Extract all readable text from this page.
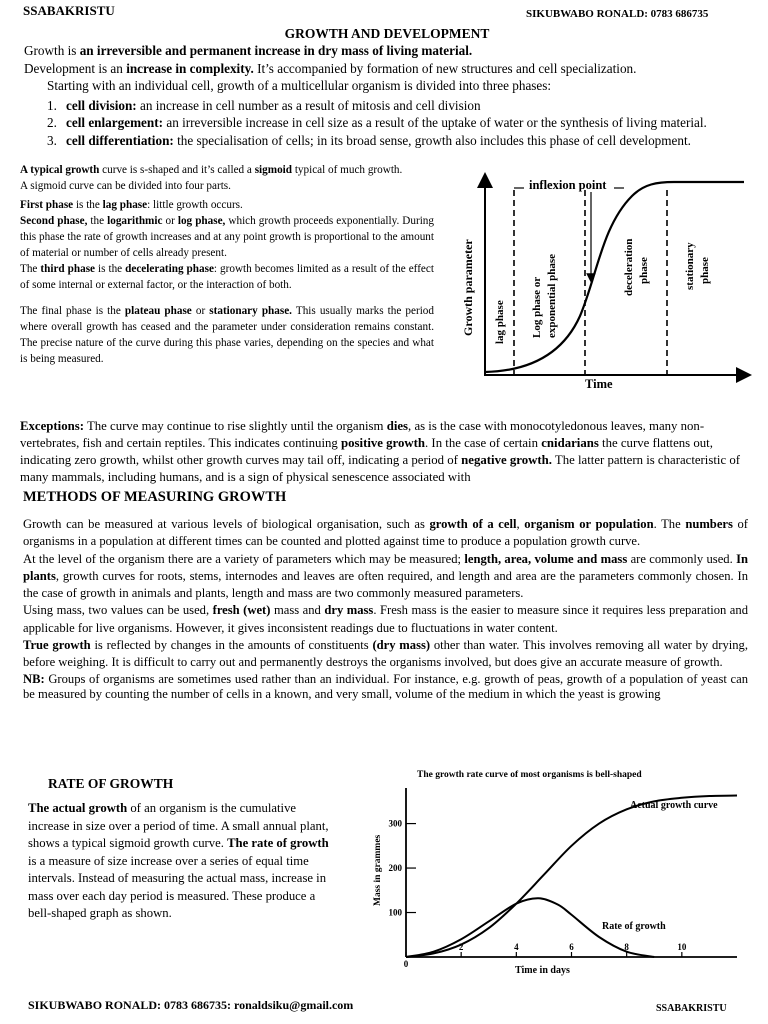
SSABAKRISTU	SIKUBWABO RONALD: 0783 686735
GROWTH AND DEVELOPMENT

Growth is an irreversible and permanent increase in dry mass of living material.

Development is an increase in complexity. It’s accompanied by formation of new structures and cell specialization.

Starting with an individual cell, growth of a multicellular organism is divided into three phases:

1. cell division: an increase in cell number as a result of mitosis and cell division
2. cell enlargement: an irreversible increase in cell size as a result of the uptake of water or the synthesis of living material.
3. cell differentiation: the specialisation of cells; in its broad sense, growth also includes this phase of cell development.

A typical growth curve is s-shaped and it’s called a sigmoid typical of much growth.

A sigmoid curve can be divided into four parts.

First phase is the lag phase: little growth occurs.

Second phase, the logarithmic or log phase, which growth proceeds exponentially. During this phase the rate of growth increases and at any point growth is proportional to the amount of material or number of cells already present.

The third phase is the decelerating phase: growth becomes limited as a result of the effect of some internal or external factor, or the interaction of both.

The final phase is the plateau phase or stationary phase. This usually marks the period where overall growth has ceased and the parameter under consideration remains constant. The precise nature of the curve during this phase varies, depending on the species and what is being measured.

inflexion point
Growth parameter
Time
lag phase Log phase or exponential phase	deceleration phase	stationary phase

Exceptions: The curve may continue to rise slightly until the organism dies, as is the case with monocotyledonous leaves, many non-vertebrates, fish and certain reptiles. This indicates continuing positive growth. In the case of certain cnidarians the curve flattens out, indicating zero growth, whilst other growth curves may tail off, indicating a period of negative growth. The latter pattern is characteristic of many mammals, including humans, and is a sign of physical senescence associated with

METHODS OF MEASURING GROWTH

Growth can be measured at various levels of biological organisation, such as growth of a cell, organism or population. The numbers of organisms in a population at different times can be counted and plotted against time to produce a population growth curve.

At the level of the organism there are a variety of parameters which may be measured; length, area, volume and mass are commonly used. In plants, growth curves for roots, stems, internodes and leaves are often required, and length and area are the parameters commonly chosen. In the case of growth in animals and plants, length and mass are two commonly measured parameters.

Using mass, two values can be used, fresh (wet) mass and dry mass. Fresh mass is the easier to measure since it requires less preparation and applicable for live organisms. However, it gives inconsistent readings due to fluctuations in water content.

True growth is reflected by changes in the amounts of constituents (dry mass) other than water. This involves removing all water by drying, before weighing. It is difficult to carry out and permanently destroys the organisms involved, but does give an accurate measure of growth.

NB: Groups of organisms are sometimes used rather than an individual. For instance, e.g. growth of peas, growth of a population of yeast can be measured by counting the number of cells in a known, and very small, volume of the medium in which the yeast is growing

RATE OF GROWTH

The actual growth of an organism is the cumulative increase in size over a period of time. A small annual plant, shows a typical sigmoid growth curve. The rate of growth is a measure of size increase over a series of equal time intervals. Instead of measuring the actual mass, increase in mass over each day period is measured. These produce a bell-shaped graph as shown.

The growth rate curve of most organisms is bell-shaped
Mass in grammes
Time in days
0
2	4	6	8	10
100
200
300
Actual growth curve
Rate of growth
SIKUBWABO RONALD: 0783 686735: ronaldsiku@gmail.com	SSABAKRISTU
